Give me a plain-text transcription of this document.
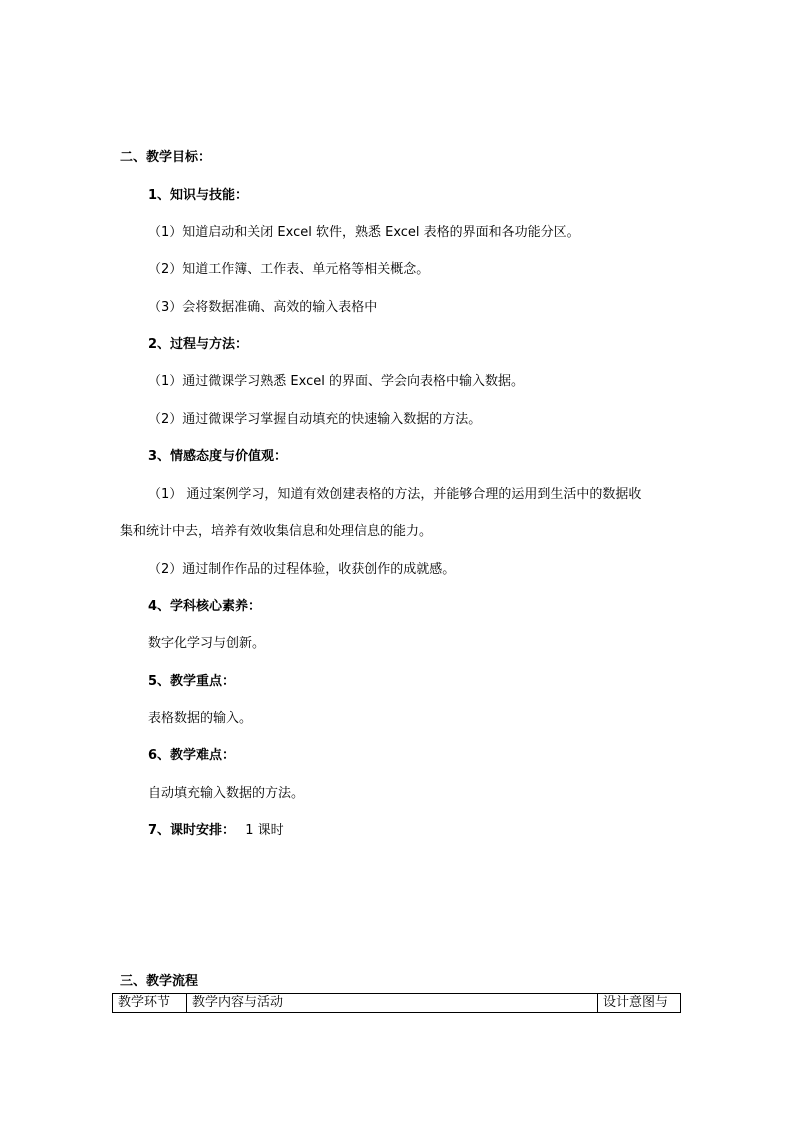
二、教学目标：
1、知识与技能：
（1）知道启动和关闭 Excel 软件，熟悉 Excel 表格的界面和各功能分区。
（2）知道工作簿、工作表、单元格等相关概念。
（3）会将数据准确、高效的输入表格中
2、过程与方法：
（1）通过微课学习熟悉 Excel 的界面、学会向表格中输入数据。
（2）通过微课学习掌握自动填充的快速输入数据的方法。
3、情感态度与价值观：
（1） 通过案例学习，知道有效创建表格的方法，并能够合理的运用到生活中的数据收
集和统计中去，培养有效收集信息和处理信息的能力。
（2）通过制作作品的过程体验，收获创作的成就感。
4、学科核心素养：
数字化学习与创新。
5、教学重点：
表格数据的输入。
6、教学难点：
自动填充输入数据的方法。
7、课时安排： 1 课时
三、教学流程
教学环节	教学内容与活动	设计意图与
